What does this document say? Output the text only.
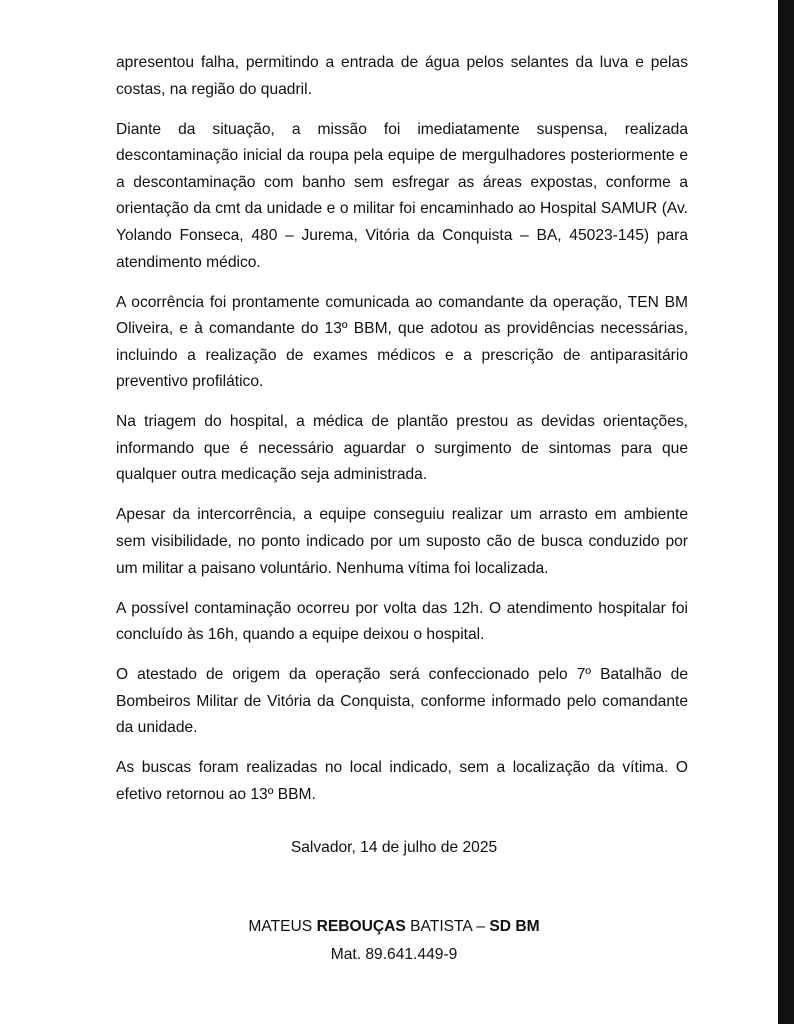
apresentou falha, permitindo a entrada de água pelos selantes da luva e pelas costas, na região do quadril.

Diante da situação, a missão foi imediatamente suspensa, realizada descontaminação inicial da roupa pela equipe de mergulhadores posteriormente e a descontaminação com banho sem esfregar as áreas expostas, conforme a orientação da cmt da unidade e o militar foi encaminhado ao Hospital SAMUR (Av. Yolando Fonseca, 480 – Jurema, Vitória da Conquista – BA, 45023-145) para atendimento médico.

A ocorrência foi prontamente comunicada ao comandante da operação, TEN BM Oliveira, e à comandante do 13º BBM, que adotou as providências necessárias, incluindo a realização de exames médicos e a prescrição de antiparasitário preventivo profilático.

Na triagem do hospital, a médica de plantão prestou as devidas orientações, informando que é necessário aguardar o surgimento de sintomas para que qualquer outra medicação seja administrada.

Apesar da intercorrência, a equipe conseguiu realizar um arrasto em ambiente sem visibilidade, no ponto indicado por um suposto cão de busca conduzido por um militar a paisano voluntário. Nenhuma vítima foi localizada.

A possível contaminação ocorreu por volta das 12h. O atendimento hospitalar foi concluído às 16h, quando a equipe deixou o hospital.

O atestado de origem da operação será confeccionado pelo 7º Batalhão de Bombeiros Militar de Vitória da Conquista, conforme informado pelo comandante da unidade.

As buscas foram realizadas no local indicado, sem a localização da vítima. O efetivo retornou ao 13º BBM.

Salvador, 14 de julho de 2025
MATEUS REBOUÇAS BATISTA – SD BM
Mat. 89.641.449-9
